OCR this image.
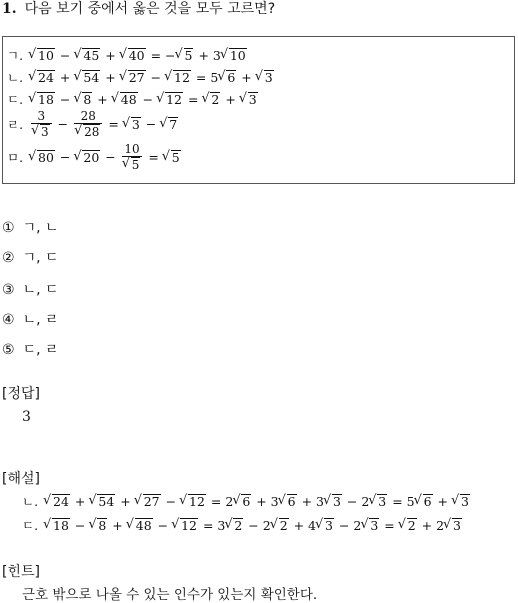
1. 다음 보기 중에서 옳은 것을 모두 고르면?
ㄱ. √ 10 − √ 45 + √ 40 = − √ 5 + 3 √ 10
ㄴ. √ 24 + √ 54 + √ 27 − √ 12 = 5 √ 6 + √ 3
ㄷ. √ 18 − √ 8 + √ 48 − √ 12 = √ 2 + √ 3
ㄹ. 3
√ 3 − 28
√ 28 = √ 3 − √ 7
ㅁ. √ 80 − √ 20 − 10
√ 5 = √ 5
① ㄱ, ㄴ
② ㄱ, ㄷ
③ ㄴ, ㄷ
④ ㄴ, ㄹ
⑤ ㄷ, ㄹ
[정답]
3
[해설]
ㄴ. √ 24 + √ 54 + √ 27 − √ 12 = 2 √ 6 + 3 √ 6 + 3 √ 3 − 2 √ 3 = 5 √ 6 + √ 3
ㄷ. √ 18 − √ 8 + √ 48 − √ 12 = 3 √ 2 − 2 √ 2 + 4 √ 3 − 2 √ 3 = √ 2 + 2 √ 3
[힌트]
근호 밖으로 나올 수 있는 인수가 있는지 확인한다.
